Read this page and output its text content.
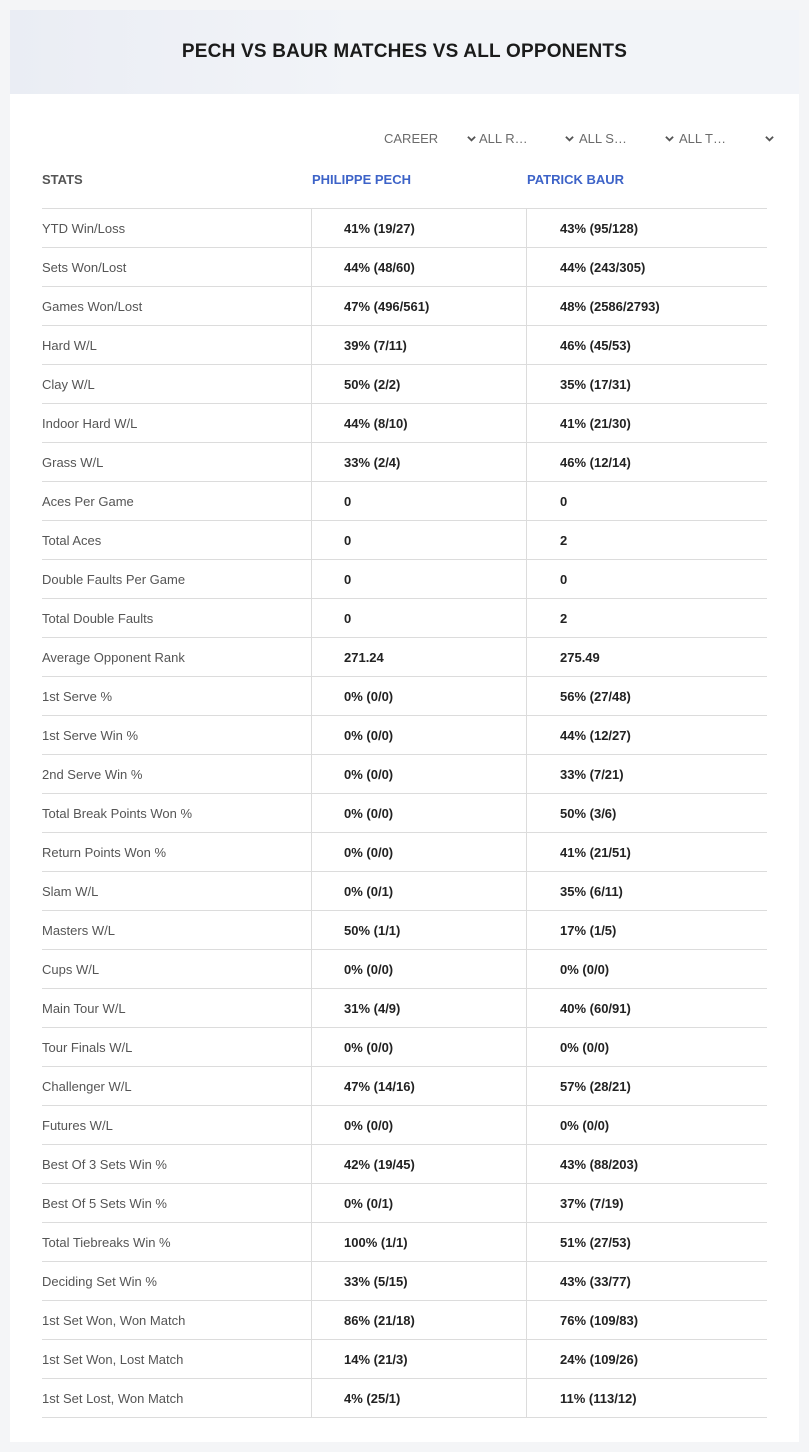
PECH VS BAUR MATCHES VS ALL OPPONENTS
CAREER	ALL R…	ALL S…	ALL T…
STATS	PHILIPPE PECH	PATRICK BAUR
YTD Win/Loss	41% (19/27)	43% (95/128)
Sets Won/Lost	44% (48/60)	44% (243/305)
Games Won/Lost	47% (496/561)	48% (2586/2793)
Hard W/L	39% (7/11)	46% (45/53)
Clay W/L	50% (2/2)	35% (17/31)
Indoor Hard W/L	44% (8/10)	41% (21/30)
Grass W/L	33% (2/4)	46% (12/14)
Aces Per Game	0	0
Total Aces	0	2
Double Faults Per Game	0	0
Total Double Faults	0	2
Average Opponent Rank	271.24	275.49
1st Serve %	0% (0/0)	56% (27/48)
1st Serve Win %	0% (0/0)	44% (12/27)
2nd Serve Win %	0% (0/0)	33% (7/21)
Total Break Points Won %	0% (0/0)	50% (3/6)
Return Points Won %	0% (0/0)	41% (21/51)
Slam W/L	0% (0/1)	35% (6/11)
Masters W/L	50% (1/1)	17% (1/5)
Cups W/L	0% (0/0)	0% (0/0)
Main Tour W/L	31% (4/9)	40% (60/91)
Tour Finals W/L	0% (0/0)	0% (0/0)
Challenger W/L	47% (14/16)	57% (28/21)
Futures W/L	0% (0/0)	0% (0/0)
Best Of 3 Sets Win %	42% (19/45)	43% (88/203)
Best Of 5 Sets Win %	0% (0/1)	37% (7/19)
Total Tiebreaks Win %	100% (1/1)	51% (27/53)
Deciding Set Win %	33% (5/15)	43% (33/77)
1st Set Won, Won Match	86% (21/18)	76% (109/83)
1st Set Won, Lost Match	14% (21/3)	24% (109/26)
1st Set Lost, Won Match	4% (25/1)	11% (113/12)
